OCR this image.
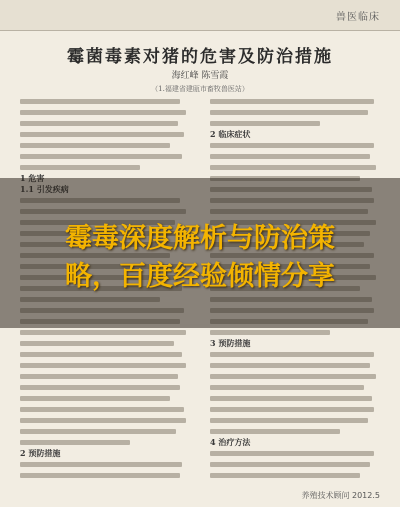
兽医临床
霉菌毒素对猪的危害及防治措施
海红峰 陈雪霞
（1.福建省建瓯市畜牧兽医站）
2 预防措施
2 临床症状
3 预防措施
4 治疗方法
霉毒深度解析与防治策
略，百度经验倾情分享
养殖技术顾问 2012.5
